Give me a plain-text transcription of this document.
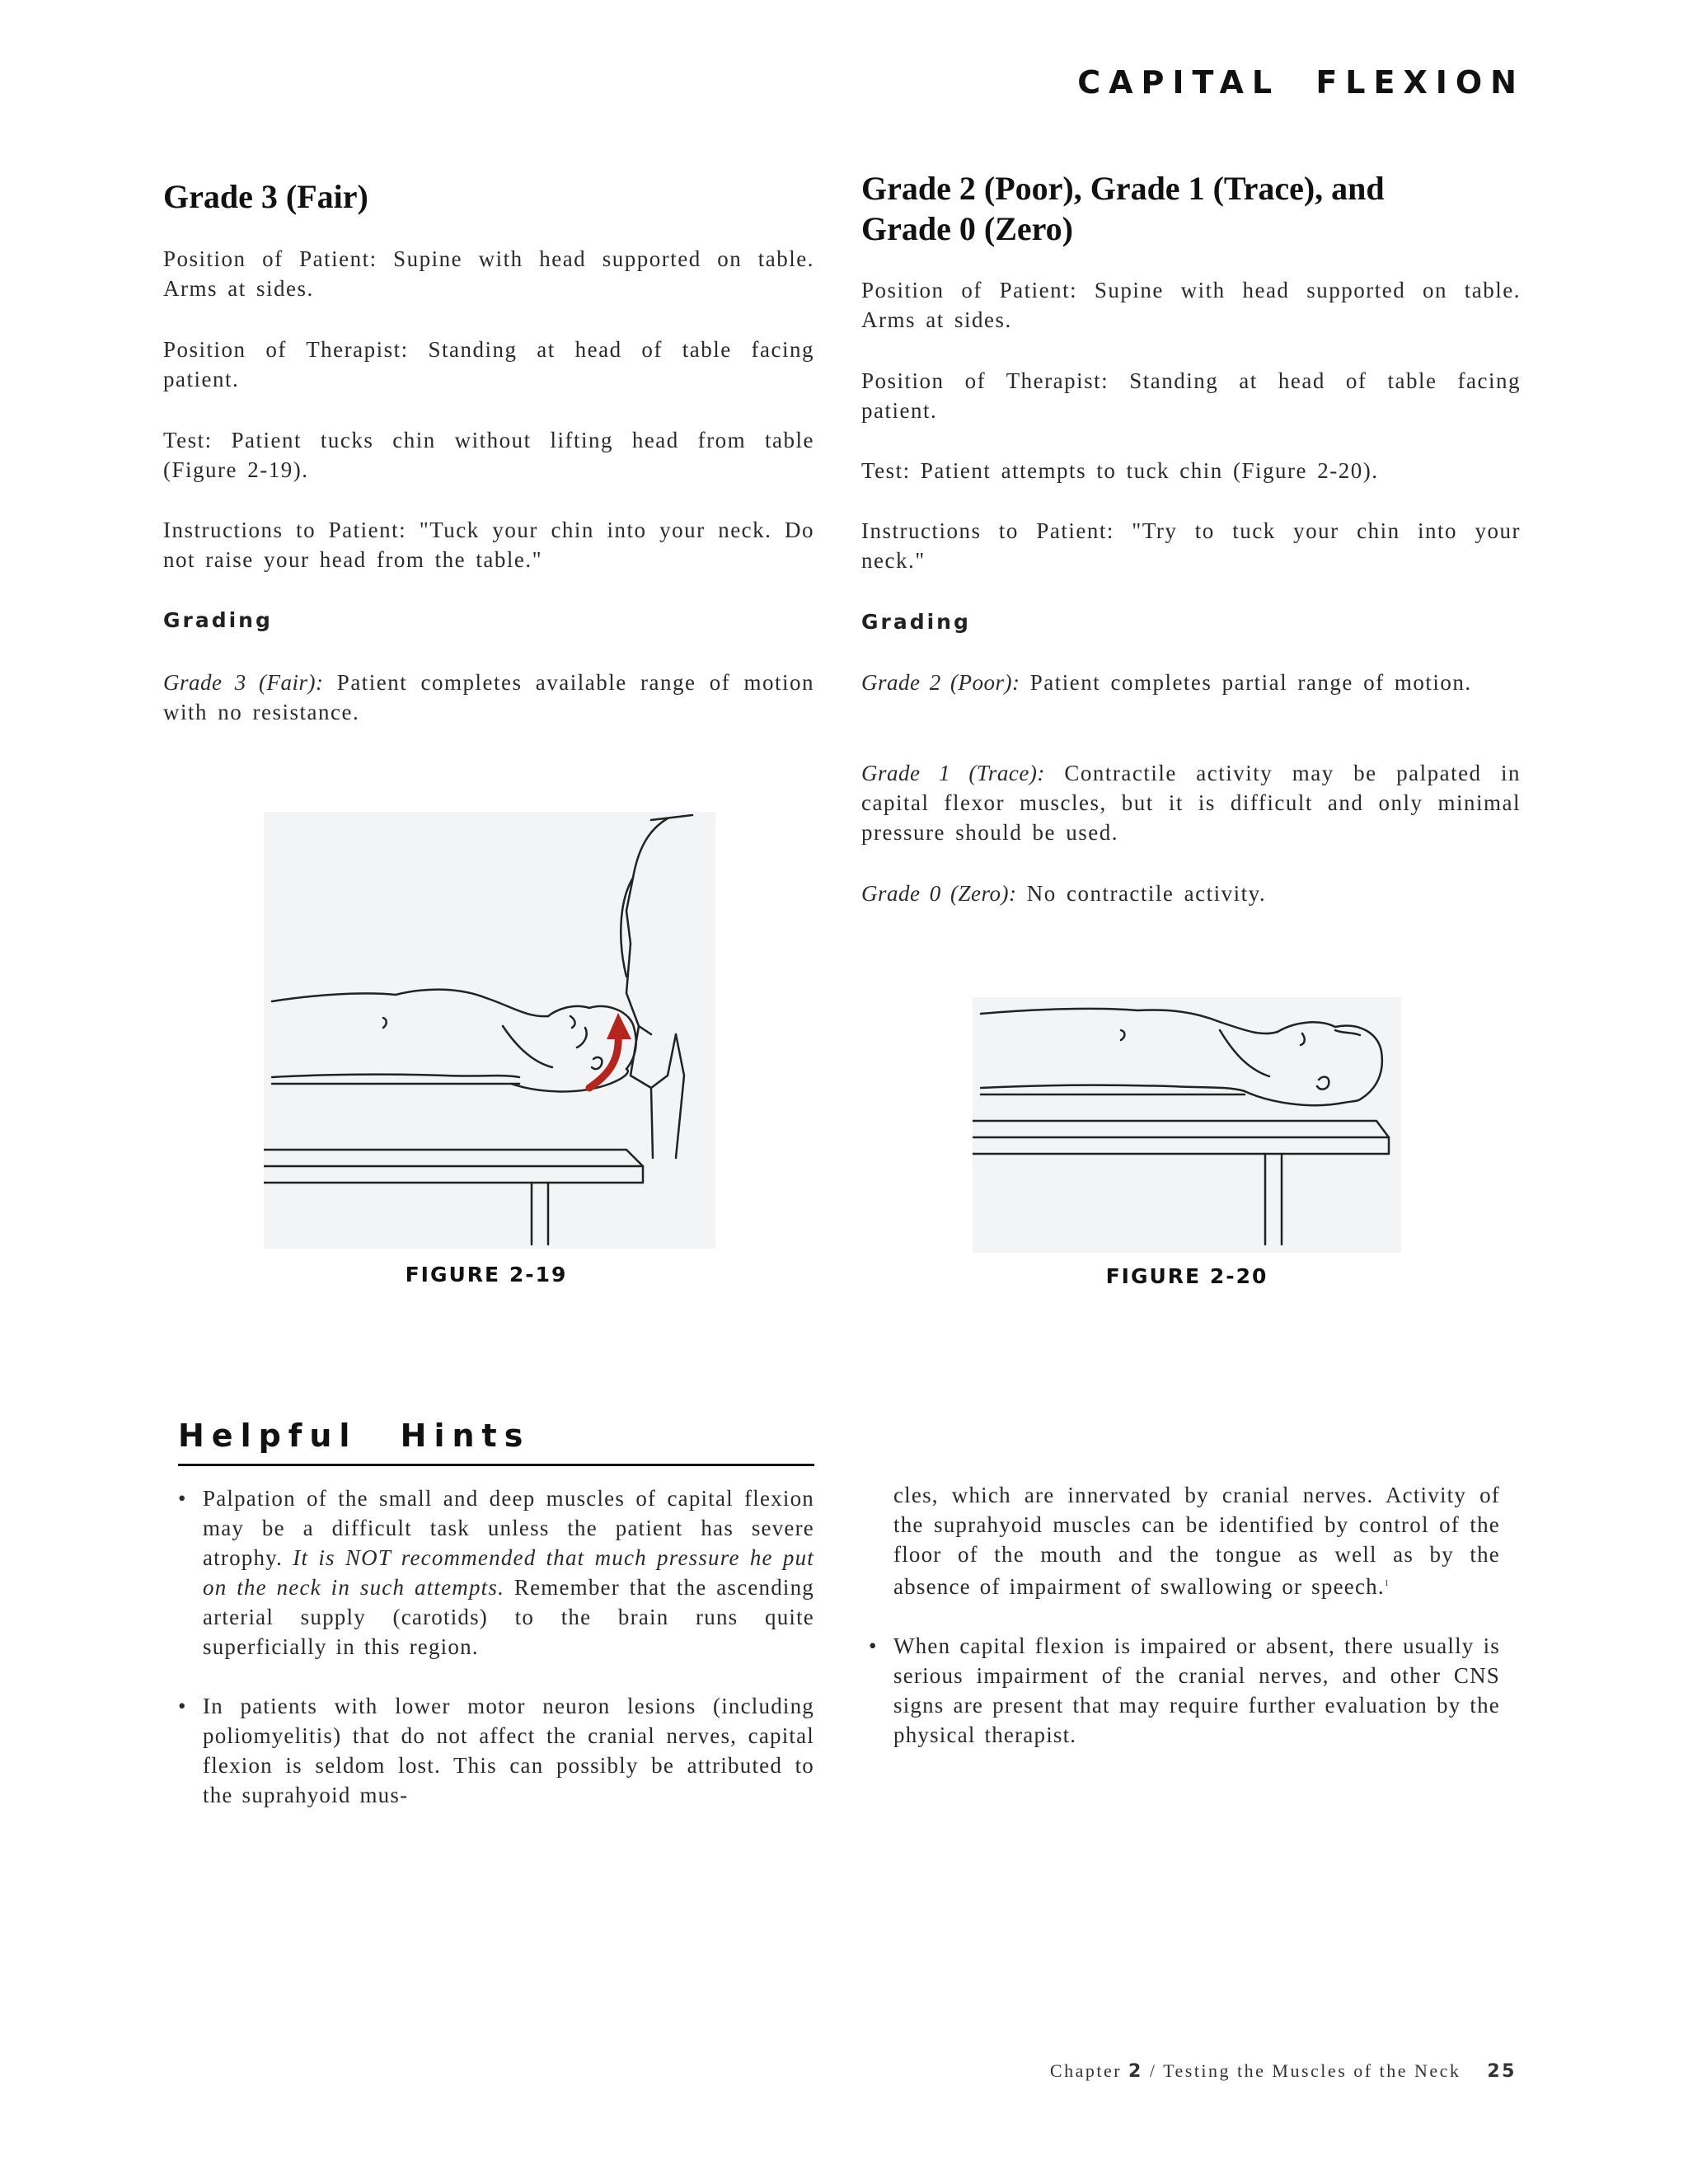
CAPITAL FLEXION
Grade 3 (Fair)

Position of Patient: Supine with head supported on table. Arms at sides.

Position of Therapist: Standing at head of table facing patient.

Test: Patient tucks chin without lifting head from table (Figure 2-19).

Instructions to Patient: "Tuck your chin into your neck. Do not raise your head from the table."

Grading

Grade 3 (Fair): Patient completes available range of motion with no resistance.

FIGURE 2-19
Grade 2 (Poor), Grade 1 (Trace), and
Grade 0 (Zero)

Position of Patient: Supine with head supported on table. Arms at sides.

Position of Therapist: Standing at head of table facing patient.

Test: Patient attempts to tuck chin (Figure 2-20).

Instructions to Patient: "Try to tuck your chin into your neck."

Grading

Grade 2 (Poor): Patient completes partial range of motion.

Grade 1 (Trace): Contractile activity may be palpated in capital flexor muscles, but it is difficult and only minimal pressure should be used.

Grade 0 (Zero): No contractile activity.

FIGURE 2-20
Helpful Hints
• Palpation of the small and deep muscles of capital flexion may be a difficult task unless the patient has severe atrophy. It is NOT recommended that much pressure he put on the neck in such attempts. Remember that the ascending arterial supply (carotids) to the brain runs quite superficially in this region.
• In patients with lower motor neuron lesions (including poliomyelitis) that do not affect the cranial nerves, capital flexion is seldom lost. This can possibly be attributed to the suprahyoid mus-

cles, which are innervated by cranial nerves. Activity of the suprahyoid muscles can be identified by control of the floor of the mouth and the tongue as well as by the absence of impairment of swallowing or speech.$^1$

• When capital flexion is impaired or absent, there usually is serious impairment of the cranial nerves, and other CNS signs are present that may require further evaluation by the physical therapist.
Chapter 2 / Testing the Muscles of the Neck 25
